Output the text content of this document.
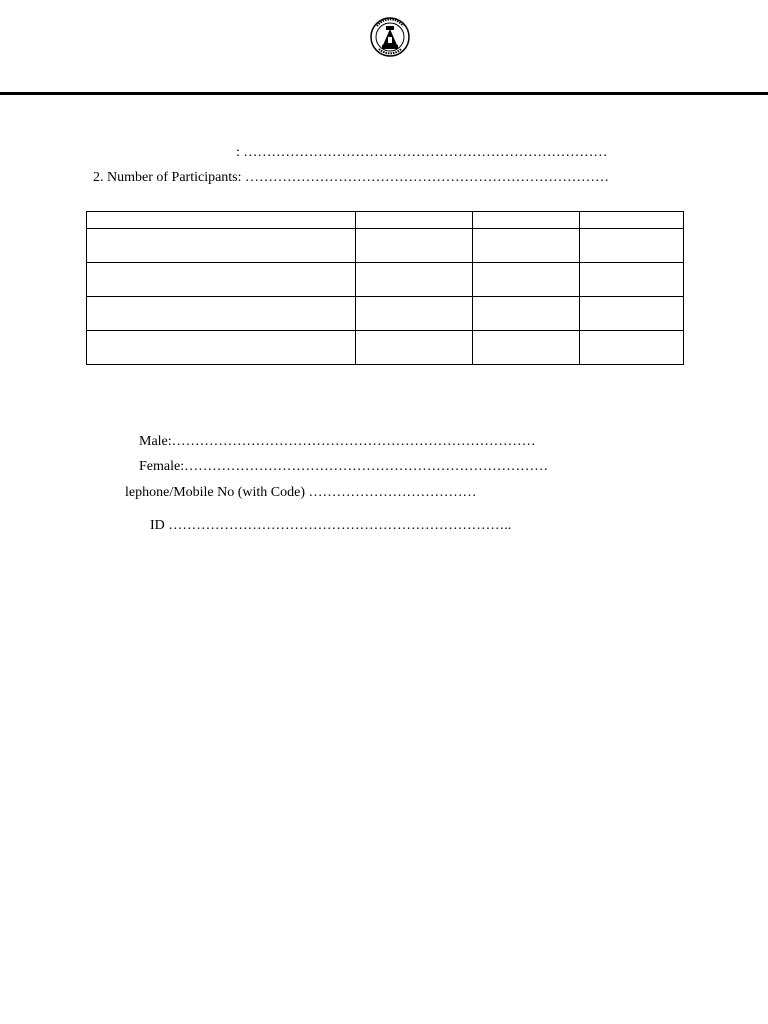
: ……………………………………………………………………
2. Number of Participants: ……………………………………………………………………

Male:……………………………………………………………………
Female:……………………………………………………………………
lephone/Mobile No (with Code) ………………………………
ID ………………………………………………………………..
